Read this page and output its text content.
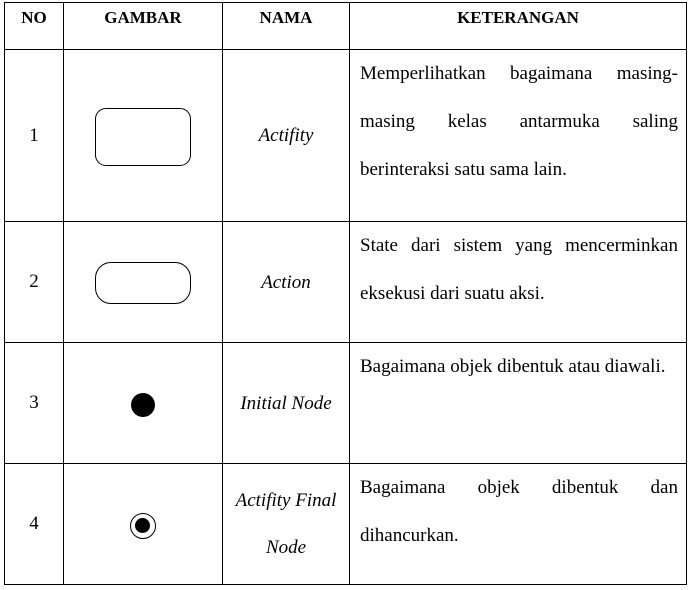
NO	GAMBAR	NAMA	KETERANGAN
1		Actifity	Memperlihatkan bagaimana masing-masing kelas antarmuka saling berinteraksi satu sama lain.

2		Action	State dari sistem yang mencerminkan eksekusi dari suatu aksi.

3		Initial Node	Bagaimana objek dibentuk atau diawali.

4		Actifity Final Node	Bagaimana objek dibentuk dan dihancurkan.
